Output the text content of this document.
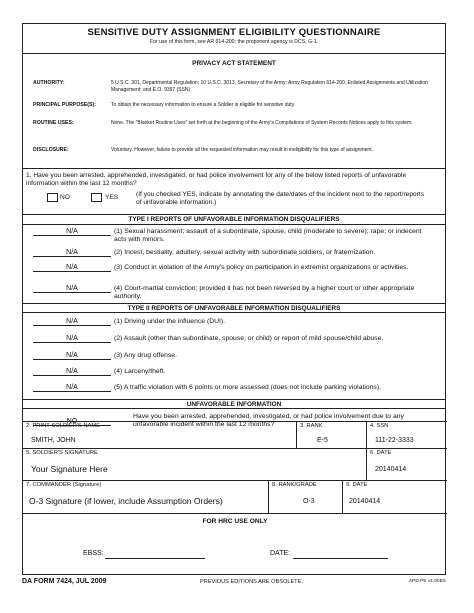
SENSITIVE DUTY ASSIGNMENT ELIGIBILITY QUESTIONNAIRE
For use of this form, see AR 614-200; the proponent agency is DCS, G-1.
PRIVACY ACT STATEMENT
AUTHORITY:	5 U.S.C. 301, Departmental Regulation; 10 U.S.C. 3013, Secretary of the Army; Army Regulation 614-200, Enlisted Assignments and Utilization Management; and E.O. 9397 (SSN).
PRINCIPAL PURPOSE(S):	To obtain the necessary information to ensure a Soldier is eligible for sensitive duty.
ROUTINE USES:	None. The "Blanket Routine Uses" set forth at the beginning of the Army's Compilations of System Records Notices apply to this system.
DISCLOSURE:	Voluntary. However, failure to provide all the requested information may result in ineligibility for this type of assignment.
1. Have you been arrested, apprehended, investigated, or had police involvement for any of the below listed reports of unfavorable information within the last 12 months?
NO	YES	(If you checked YES, indicate by annotating the date/dates of the incident next to the report/reports of unfavorable information.)
TYPE I REPORTS OF UNFAVORABLE INFORMATION DISQUALIFIERS
N/A	(1) Sexual harassment; assault of a subordinate, spouse, child (moderate to severe); rape; or indecent acts with minors.
N/A	(2) Incest, bestiality, adultery, sexual activity with subordinate soldiers, or fraternization.
N/A	(3) Conduct in violation of the Army's policy on participation in extremist organizations or activities.
N/A	(4) Court-martial conviction; provided it has not been reversed by a higher court or other appropriate authority.
TYPE II REPORTS OF UNFAVORABLE INFORMATION DISQUALIFIERS
N/A	(1) Driving under the influence (DUI).
N/A	(2) Assault (other than subordinate, spouse, or child) or report of mild spouse/child abuse.
N/A	(3) Any drug offense.
N/A	(4) Larceny/theft.
N/A	(5) A traffic violation with 6 points or more assessed (does not include parking violations).
UNFAVORABLE INFORMATION
NO
Have you been arrested, apprehended, investigated, or had police involvement due to any unfavorable incident within the last 12 months?
2. PRINT SOLDIER'S NAME
SMITH, JOHN
3. RANK
E-5
4. SSN
111-22-3333
5. SOLDIER'S SIGNATURE
Your Signature Here
6. DATE
20140414
7. COMMANDER (Signature)
O-3 Signature (if lower, include Assumption Orders)
8. RANK/GRADE
O-3
9. DATE
20140414
FOR HRC USE ONLY
EBSS:	DATE:
DA FORM 7424, JUL 2009	PREVIOUS EDITIONS ARE OBSOLETE.	APD PE v1.00ES
